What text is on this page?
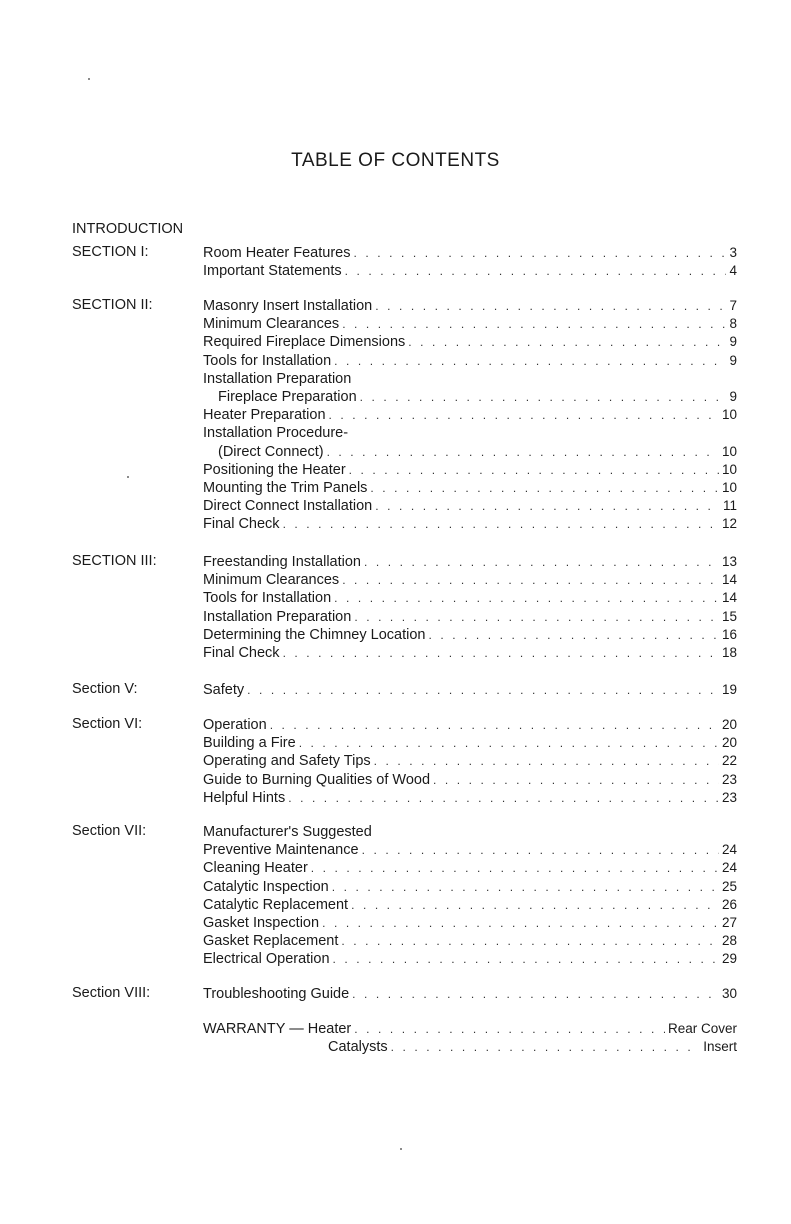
TABLE OF CONTENTS
INTRODUCTION
SECTION I:	Room Heater Features . . .	3
Important Statements . . .	4
SECTION II:	Masonry Insert Installation . . .	7
Minimum Clearances . . .	8
Required Fireplace Dimensions . . .	9
Tools for Installation . . .	9
Installation Preparation
Fireplace Preparation . . .	9
Heater Preparation . . .	10
Installation Procedure-
(Direct Connect) . . .	10
Positioning the Heater . . .	10
Mounting the Trim Panels . . .	10
Direct Connect Installation . . .	11
Final Check . . .	12
SECTION III:	Freestanding Installation . . .	13
Minimum Clearances . . .	14
Tools for Installation . . .	14
Installation Preparation . . .	15
Determining the Chimney Location . . .	16
Final Check . . .	18
Section V:	Safety . . .	19
Section VI:	Operation . . .	20
Building a Fire . . .	20
Operating and Safety Tips . . .	22
Guide to Burning Qualities of Wood . . .	23
Helpful Hints . . .	23
Section VII:	Manufacturer's Suggested
Preventive Maintenance . . .	24
Cleaning Heater . . .	24
Catalytic Inspection . . .	25
Catalytic Replacement . . .	26
Gasket Inspection . . .	27
Gasket Replacement . . .	28
Electrical Operation . . .	29
Section VIII:	Troubleshooting Guide . . .	30
WARRANTY — Heater . . .	Rear Cover
Catalysts . . .	Insert
